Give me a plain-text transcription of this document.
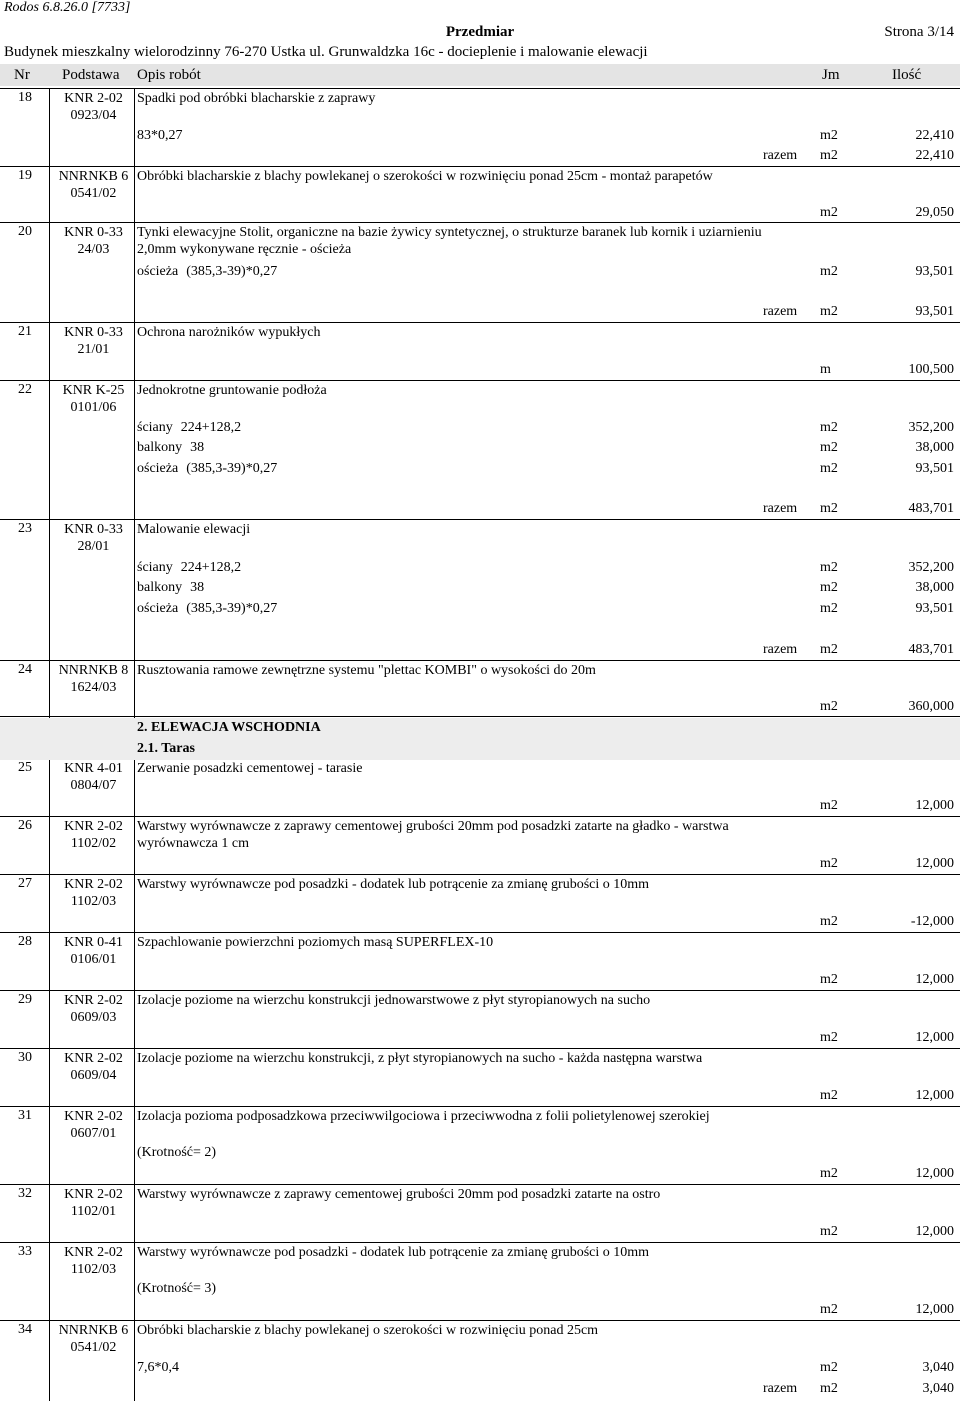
Rodos 6.8.26.0 [7733]
Przedmiar	Strona 3/14
Budynek mieszkalny wielorodzinny 76-270 Ustka ul. Grunwaldzka 16c - docieplenie i malowanie elewacji
Nr Podstawa Opis robót	Jm	Ilość
18	KNR 2-02
0923/04
Spadki pod obróbki blacharskie z zaprawy
83*0,27	m2	22,410
razem m2	22,410
19	NNRNKB 6
0541/02
Obróbki blacharskie z blachy powlekanej o szerokości w rozwinięciu ponad 25cm - montaż parapetów
m2	29,050
20	KNR 0-33
24/03
Tynki elewacyjne Stolit, organiczne na bazie żywicy syntetycznej, o strukturze baranek lub kornik i uziarnieniu 2,0mm wykonywane ręcznie - ościeża
ościeża (385,3-39)*0,27	m2	93,501
razem m2	93,501
21	KNR 0-33
21/01
Ochrona narożników wypukłych
m	100,500
22	KNR K-25
0101/06
Jednokrotne gruntowanie podłoża
ściany 224+128,2	m2	352,200
balkony 38	m2	38,000
ościeża (385,3-39)*0,27	m2	93,501
razem m2	483,701
23	KNR 0-33
28/01
Malowanie elewacji
ściany 224+128,2	m2	352,200
balkony 38	m2	38,000
ościeża (385,3-39)*0,27	m2	93,501
razem m2	483,701
24	NNRNKB 8
1624/03
Rusztowania ramowe zewnętrzne systemu "plettac KOMBI" o wysokości do 20m
m2	360,000
2. ELEWACJA WSCHODNIA
2.1. Taras
25	KNR 4-01
0804/07
Zerwanie posadzki cementowej - tarasie
m2	12,000
26	KNR 2-02
1102/02
Warstwy wyrównawcze z zaprawy cementowej grubości 20mm pod posadzki zatarte na gładko - warstwa wyrównawcza 1 cm
m2	12,000
27	KNR 2-02
1102/03
Warstwy wyrównawcze pod posadzki - dodatek lub potrącenie za zmianę grubości o 10mm
m2	-12,000
28	KNR 0-41
0106/01
Szpachlowanie powierzchni poziomych masą SUPERFLEX-10
m2	12,000
29	KNR 2-02
0609/03
Izolacje poziome na wierzchu konstrukcji jednowarstwowe z płyt styropianowych na sucho
m2	12,000
30	KNR 2-02
0609/04
Izolacje poziome na wierzchu konstrukcji, z płyt styropianowych na sucho - każda następna warstwa
m2	12,000
31	KNR 2-02
0607/01
Izolacja pozioma podposadzkowa przeciwwilgociowa i przeciwwodna z folii polietylenowej szerokiej
(Krotność= 2)
m2	12,000
32	KNR 2-02
1102/01
Warstwy wyrównawcze z zaprawy cementowej grubości 20mm pod posadzki zatarte na ostro
m2	12,000
33	KNR 2-02
1102/03
Warstwy wyrównawcze pod posadzki - dodatek lub potrącenie za zmianę grubości o 10mm
(Krotność= 3)
m2	12,000
34	NNRNKB 6
0541/02
Obróbki blacharskie z blachy powlekanej o szerokości w rozwinięciu ponad 25cm
7,6*0,4	m2	3,040
razem m2	3,040
